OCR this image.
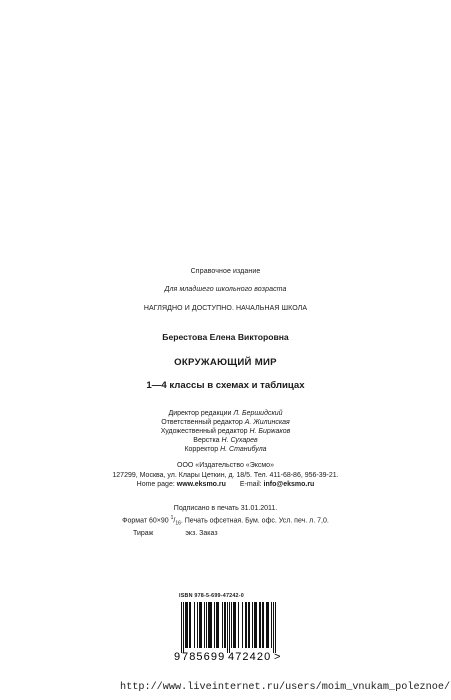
Справочное издание
Для младшего школьного возраста
НАГЛЯДНО И ДОСТУПНО. НАЧАЛЬНАЯ ШКОЛА
Берестова Елена Викторовна
ОКРУЖАЮЩИЙ МИР
1—4 классы в схемах и таблицах
Директор редакции Л. Бершидский
Ответственный редактор А. Жилинская
Художественный редактор Н. Биржаков
Верстка Н. Сухарев
Корректор Н. Станибула
ООО «Издательство «Эксмо»
127299, Москва, ул. Клары Цеткин, д. 18/5. Тел. 411-68-86, 956-39-21.
Home page: www.eksmo.ru E-mail: info@eksmo.ru
Подписано в печать 31.01.2011.
Формат 60×90 $^1/_{16}$. Печать офсетная. Бум. офс. Усл. печ. л. 7,0.
Тираж	экз. Заказ
ISBN 978-5-699-47242-0
9 785699 472420 >
http://www.liveinternet.ru/users/moim_vnukam_poleznoe/
